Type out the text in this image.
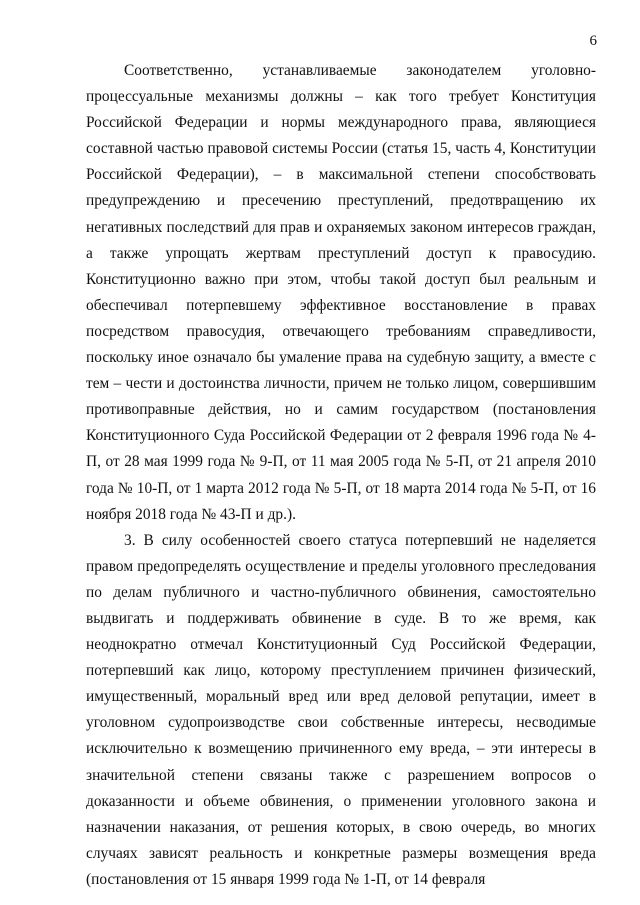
6

Соответственно, устанавливаемые законодателем уголовно-процессуальные механизмы должны – как того требует Конституция Российской Федерации и нормы международного права, являющиеся составной частью правовой системы России (статья 15, часть 4, Конституции Российской Федерации), – в максимальной степени способствовать предупреждению и пресечению преступлений, предотвращению их негативных последствий для прав и охраняемых законом интересов граждан, а также упрощать жертвам преступлений доступ к правосудию. Конституционно важно при этом, чтобы такой доступ был реальным и обеспечивал потерпевшему эффективное восстановление в правах посредством правосудия, отвечающего требованиям справедливости, поскольку иное означало бы умаление права на судебную защиту, а вместе с тем – чести и достоинства личности, причем не только лицом, совершившим противоправные действия, но и самим государством (постановления Конституционного Суда Российской Федерации от 2 февраля 1996 года № 4-П, от 28 мая 1999 года № 9-П, от 11 мая 2005 года № 5-П, от 21 апреля 2010 года № 10-П, от 1 марта 2012 года № 5-П, от 18 марта 2014 года № 5-П, от 16 ноября 2018 года № 43-П и др.).

3. В силу особенностей своего статуса потерпевший не наделяется правом предопределять осуществление и пределы уголовного преследования по делам публичного и частно-публичного обвинения, самостоятельно выдвигать и поддерживать обвинение в суде. В то же время, как неоднократно отмечал Конституционный Суд Российской Федерации, потерпевший как лицо, которому преступлением причинен физический, имущественный, моральный вред или вред деловой репутации, имеет в уголовном судопроизводстве свои собственные интересы, несводимые исключительно к возмещению причиненного ему вреда, – эти интересы в значительной степени связаны также с разрешением вопросов о доказанности и объеме обвинения, о применении уголовного закона и назначении наказания, от решения которых, в свою очередь, во многих случаях зависят реальность и конкретные размеры возмещения вреда (постановления от 15 января 1999 года № 1-П, от 14 февраля
